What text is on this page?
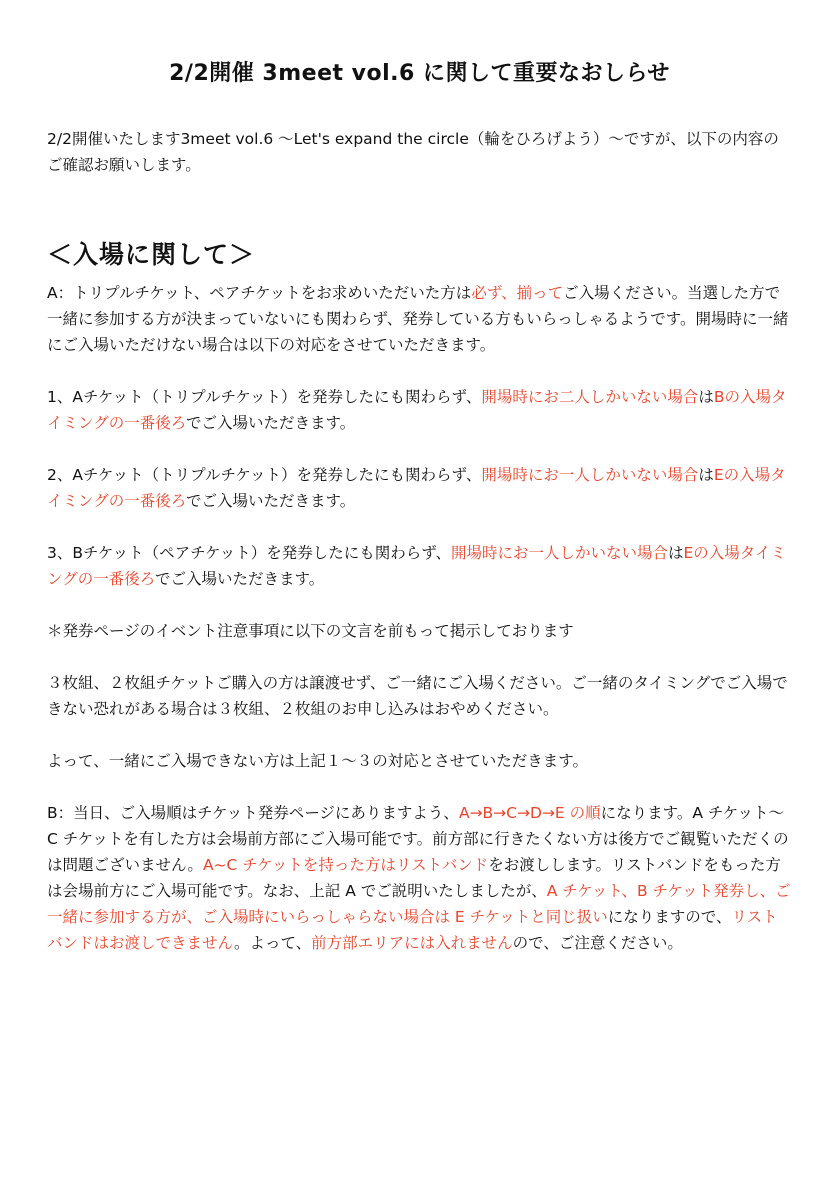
2/2開催 3meet vol.6 に関して重要なおしらせ

2/2開催いたします3meet vol.6 〜Let's expand the circle（輪をひろげよう）〜ですが、以下の内容のご確認お願いします。

＜入場に関して＞

A：トリプルチケット、ペアチケットをお求めいただいた方は必ず、揃ってご入場ください。当選した方で一緒に参加する方が決まっていないにも関わらず、発券している方もいらっしゃるようです。開場時に一緒にご入場いただけない場合は以下の対応をさせていただきます。

1、Aチケット（トリプルチケット）を発券したにも関わらず、開場時にお二人しかいない場合はBの入場タイミングの一番後ろでご入場いただきます。

2、Aチケット（トリプルチケット）を発券したにも関わらず、開場時にお一人しかいない場合はEの入場タイミングの一番後ろでご入場いただきます。

3、Bチケット（ペアチケット）を発券したにも関わらず、開場時にお一人しかいない場合はEの入場タイミングの一番後ろでご入場いただきます。

＊発券ページのイベント注意事項に以下の文言を前もって掲示しております

３枚組、２枚組チケットご購入の方は譲渡せず、ご一緒にご入場ください。ご一緒のタイミングでご入場できない恐れがある場合は３枚組、２枚組のお申し込みはおやめください。

よって、一緒にご入場できない方は上記１〜３の対応とさせていただきます。

B：当日、ご入場順はチケット発券ページにありますよう、A→B→C→D→E の順になります。A チケット〜C チケットを有した方は会場前方部にご入場可能です。前方部に行きたくない方は後方でご観覧いただくのは問題ございません。A~C チケットを持った方はリストバンドをお渡しします。リストバンドをもった方は会場前方にご入場可能です。なお、上記 A でご説明いたしましたが、A チケット、B チケット発券し、ご一緒に参加する方が、ご入場時にいらっしゃらない場合は E チケットと同じ扱いになりますので、リストバンドはお渡しできません。よって、前方部エリアには入れませんので、ご注意ください。
